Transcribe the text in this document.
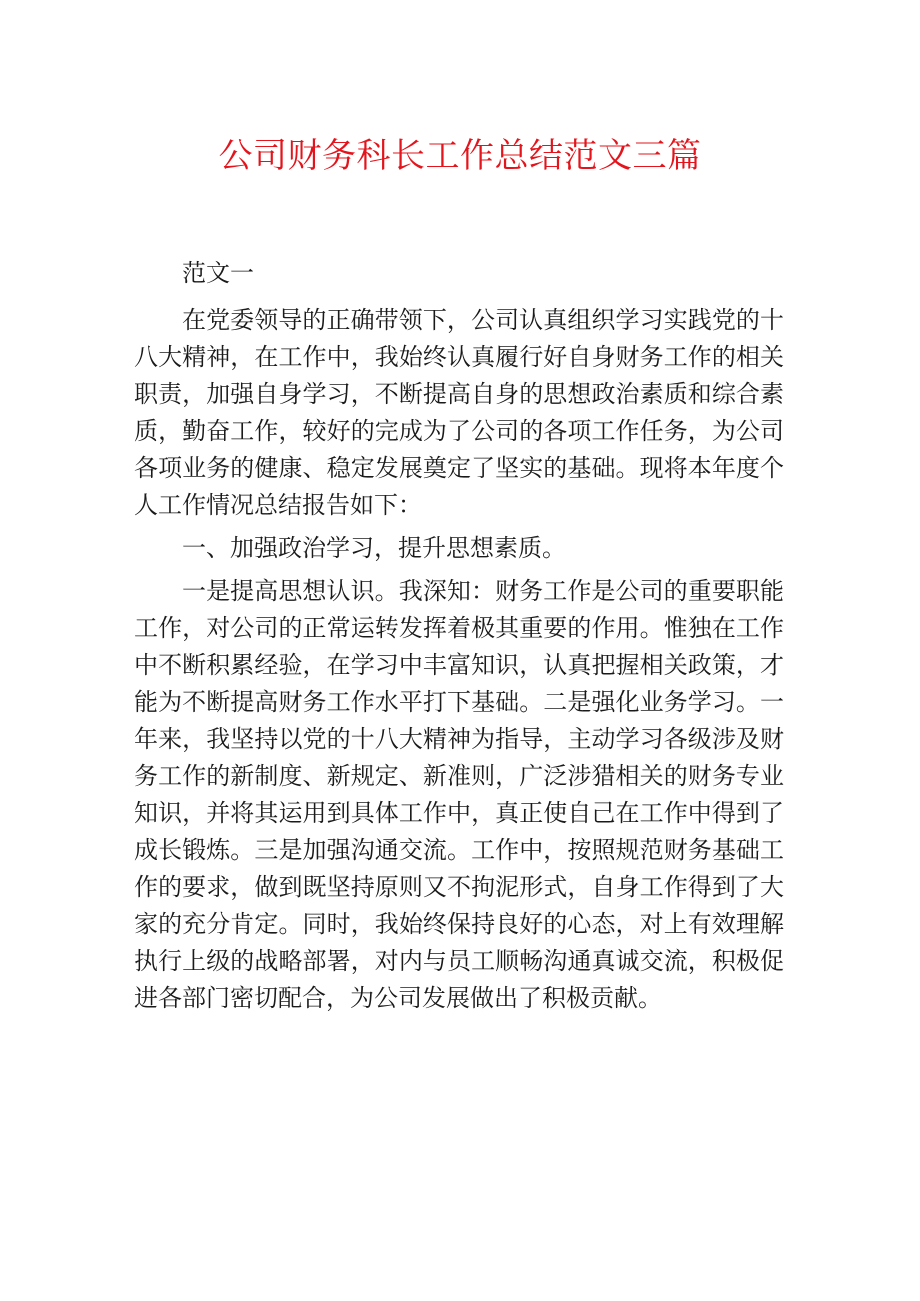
公司财务科长工作总结范文三篇

范文一

在党委领导的正确带领下，公司认真组织学习实践党的十八大精神，在工作中，我始终认真履行好自身财务工作的相关职责，加强自身学习，不断提高自身的思想政治素质和综合素质，勤奋工作，较好的完成为了公司的各项工作任务，为公司各项业务的健康、稳定发展奠定了坚实的基础。现将本年度个人工作情况总结报告如下：

一、加强政治学习，提升思想素质。

一是提高思想认识。我深知：财务工作是公司的重要职能工作，对公司的正常运转发挥着极其重要的作用。惟独在工作中不断积累经验，在学习中丰富知识，认真把握相关政策，才能为不断提高财务工作水平打下基础。二是强化业务学习。一年来，我坚持以党的十八大精神为指导，主动学习各级涉及财务工作的新制度、新规定、新准则，广泛涉猎相关的财务专业知识，并将其运用到具体工作中，真正使自己在工作中得到了成长锻炼。三是加强沟通交流。工作中，按照规范财务基础工作的要求，做到既坚持原则又不拘泥形式，自身工作得到了大家的充分肯定。同时，我始终保持良好的心态，对上有效理解执行上级的战略部署，对内与员工顺畅沟通真诚交流，积极促进各部门密切配合，为公司发展做出了积极贡献。
